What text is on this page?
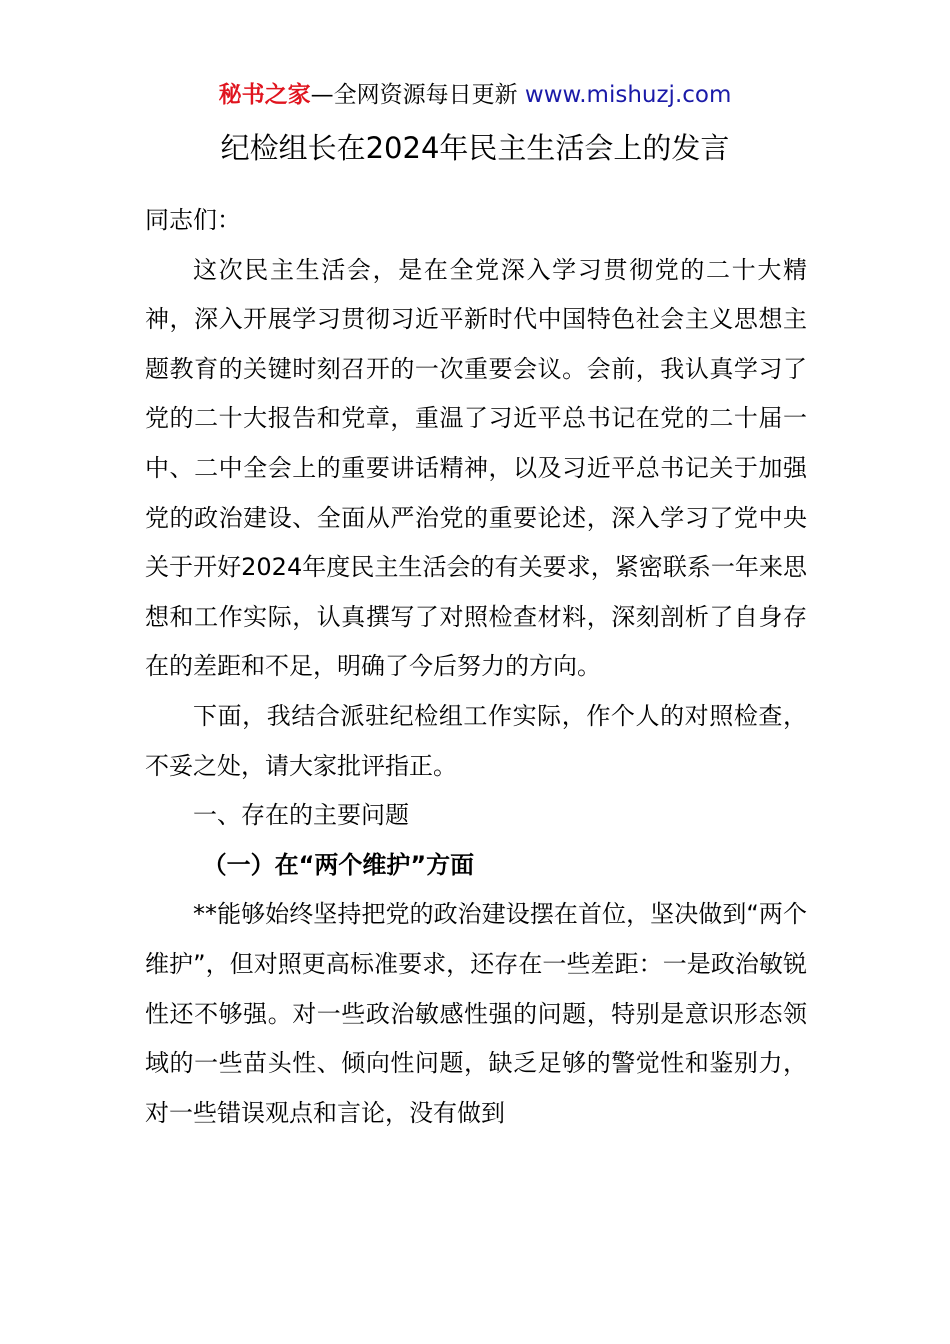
秘书之家—全网资源每日更新 www.mishuzj.com
纪检组长在2024年民主生活会上的发言

同志们：

这次民主生活会，是在全党深入学习贯彻党的二十大精神，深入开展学习贯彻习近平新时代中国特色社会主义思想主题教育的关键时刻召开的一次重要会议。会前，我认真学习了党的二十大报告和党章，重温了习近平总书记在党的二十届一中、二中全会上的重要讲话精神，以及习近平总书记关于加强党的政治建设、全面从严治党的重要论述，深入学习了党中央关于开好2024年度民主生活会的有关要求，紧密联系一年来思想和工作实际，认真撰写了对照检查材料，深刻剖析了自身存在的差距和不足，明确了今后努力的方向。

下面，我结合派驻纪检组工作实际，作个人的对照检查，不妥之处，请大家批评指正。

一、存在的主要问题

（一）在“两个维护”方面

**能够始终坚持把党的政治建设摆在首位，坚决做到“两个维护”，但对照更高标准要求，还存在一些差距：一是政治敏锐性还不够强。对一些政治敏感性强的问题，特别是意识形态领域的一些苗头性、倾向性问题，缺乏足够的警觉性和鉴别力，对一些错误观点和言论，没有做到
